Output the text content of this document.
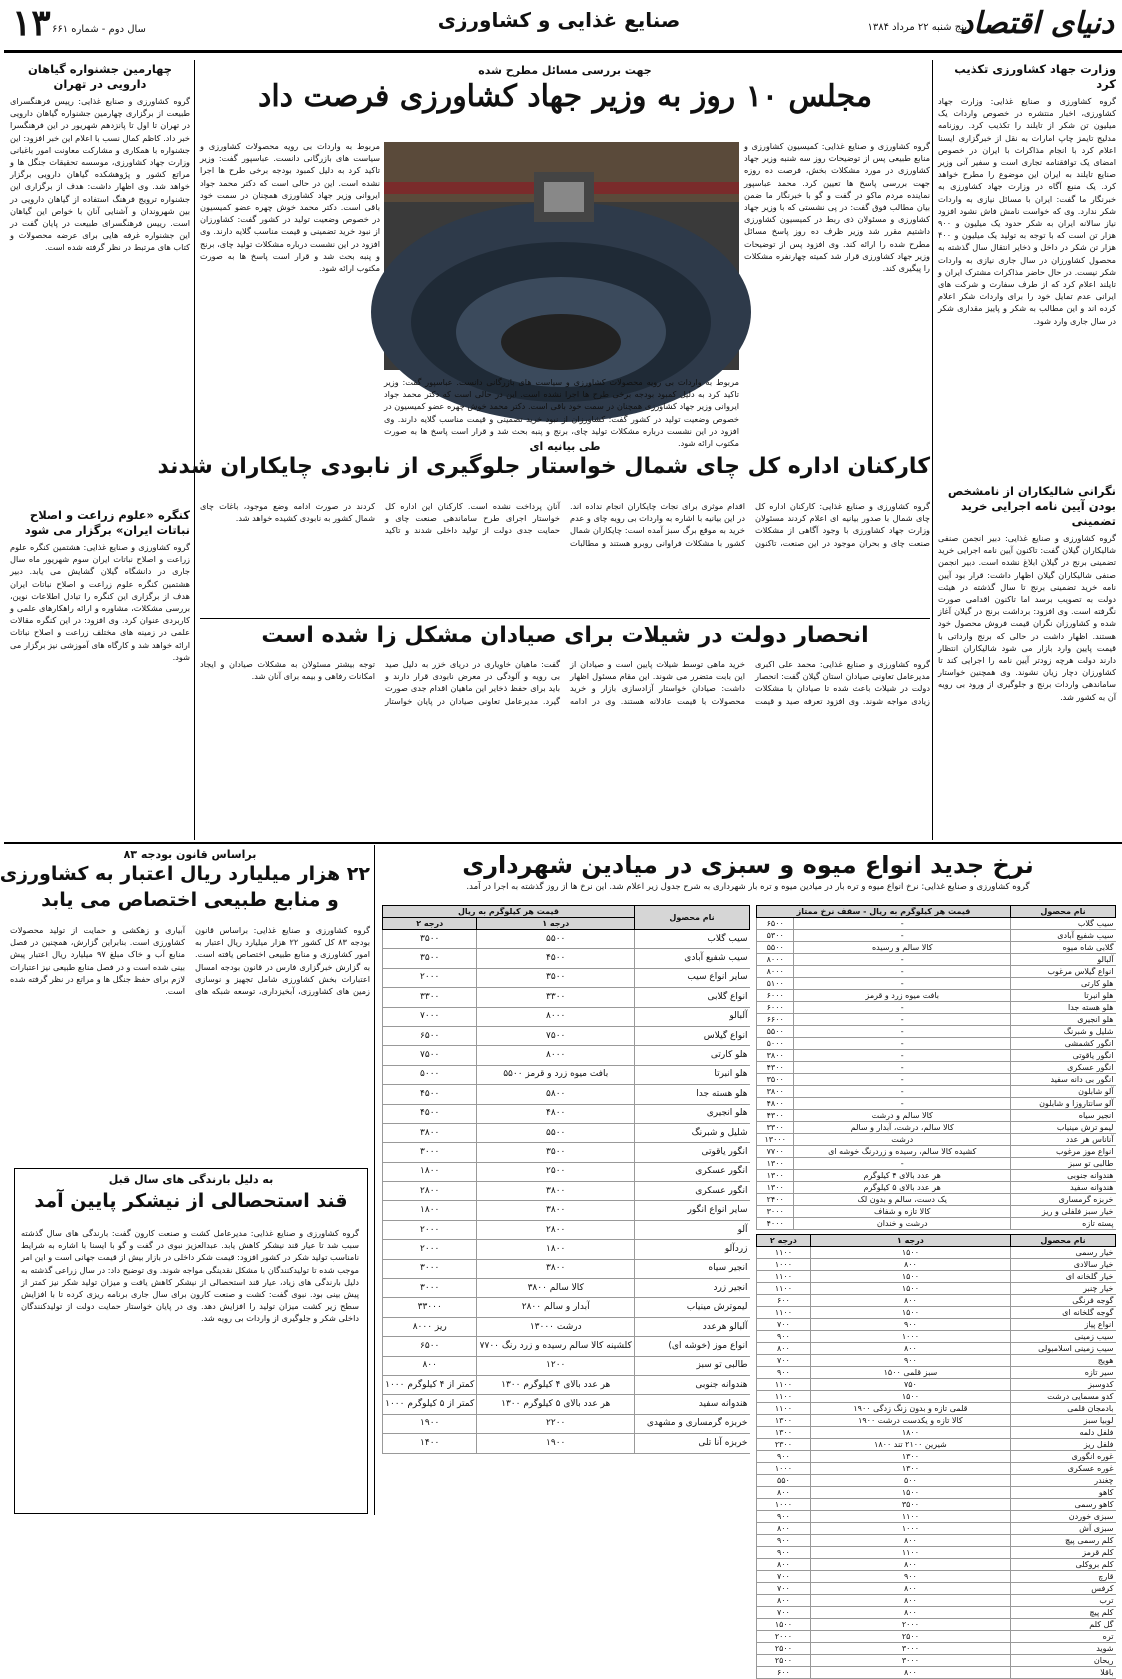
دنیای اقتصاد
پنج شنبه ۲۲ مرداد ۱۳۸۴
صنایع غذایی و کشاورزی
سال دوم - شماره ۶۶۱
۱۳
وزارت جهاد کشاورزی تکذیب کرد

گروه کشاورزی و صنایع غذایی: وزارت جهاد کشاورزی، اخبار منتشره در خصوص واردات یک میلیون تن شکر از تایلند را تکذیب کرد. روزنامه مدلیج تایمز چاپ امارات به نقل از خبرگزاری ایسنا اعلام کرد با انجام مذاکرات با ایران در خصوص امضای یک توافقنامه تجاری است و سفیر آنی وزیر صنایع تایلند به ایران این موضوع را مطرح خواهد کرد. یک منبع آگاه در وزارت جهاد کشاورزی به خبرنگار ما گفت: ایران با مسائل نیازی به واردات شکر ندارد. وی که خواست نامش فاش نشود افزود نیاز سالانه ایران به شکر حدود یک میلیون و ۹۰۰ هزار تن است که با توجه به تولید یک میلیون و ۴۰۰ هزار تن شکر در داخل و ذخایر انتقال سال گذشته به محصول کشاورزان در سال جاری نیازی به واردات شکر نیست. در حال حاضر مذاکرات مشترک ایران و تایلند اعلام کرد که از طرف سفارت و شرکت های ایرانی عدم تمایل خود را برای واردات شکر اعلام کرده اند و این مطالب به شکر و پاییز مقداری شکر در سال جاری وارد شود.

نگرانی شالیکاران از نامشخص بودن آیین نامه اجرایی خرید تضمینی

گروه کشاورزی و صنایع غذایی: دبیر انجمن صنفی شالیکاران گیلان گفت: تاکنون آیین نامه اجرایی خرید تضمینی برنج در گیلان ابلاغ نشده است. دبیر انجمن صنفی شالیکاران گیلان اظهار داشت: قرار بود آیین نامه خرید تضمینی برنج تا سال گذشته در هیئت دولت به تصویب برسد اما تاکنون اقدامی صورت نگرفته است. وی افزود: برداشت برنج در گیلان آغاز شده و کشاورزان نگران قیمت فروش محصول خود هستند. اظهار داشت در حالی که برنج وارداتی با قیمت پایین وارد بازار می شود شالیکاران انتظار دارند دولت هرچه زودتر آیین نامه را اجرایی کند تا کشاورزان دچار زیان نشوند. وی همچنین خواستار ساماندهی واردات برنج و جلوگیری از ورود بی رویه آن به کشور شد.

جهت بررسی مسائل مطرح شده
مجلس ۱۰ روز به وزیر جهاد کشاورزی فرصت داد

گروه کشاورزی و صنایع غذایی: کمیسیون کشاورزی و منابع طبیعی پس از توضیحات روز سه شنبه وزیر جهاد کشاورزی در مورد مشکلات بخش، فرصت ده روزه جهت بررسی پاسخ ها تعیین کرد. محمد عباسپور نماینده مردم ماکو در گفت و گو با خبرنگار ما ضمن بیان مطالب فوق گفت: در پی نشستی که با وزیر جهاد کشاورزی و مسئولان ذی ربط در کمیسیون کشاورزی داشتیم مقرر شد وزیر ظرف ده روز پاسخ مسائل مطرح شده را ارائه کند. وی افزود پس از توضیحات وزیر جهاد کشاورزی قرار شد کمیته چهارنفره مشکلات را پیگیری کند.

مربوط به واردات بی رویه محصولات کشاورزی و سیاست های بازرگانی دانست. عباسپور گفت: وزیر تاکید کرد به دلیل کمبود بودجه برخی طرح ها اجرا نشده است. این در حالی است که دکتر محمد جواد ایروانی وزیر جهاد کشاورزی همچنان در سمت خود باقی است. دکتر محمد خوش چهره عضو کمیسیون در خصوص وضعیت تولید در کشور گفت: کشاورزان از نبود خرید تضمینی و قیمت مناسب گلایه دارند. وی افزود در این نشست درباره مشکلات تولید چای، برنج و پنبه بحث شد و قرار است پاسخ ها به صورت مکتوب ارائه شود.

مربوط به واردات بی رویه محصولات کشاورزی و سیاست های بازرگانی دانست. عباسپور گفت: وزیر تاکید کرد به دلیل کمبود بودجه برخی طرح ها اجرا نشده است. این در حالی است که دکتر محمد جواد ایروانی وزیر جهاد کشاورزی همچنان در سمت خود باقی است. دکتر محمد خوش چهره عضو کمیسیون در خصوص وضعیت تولید در کشور گفت: کشاورزان از نبود خرید تضمینی و قیمت مناسب گلایه دارند. وی افزود در این نشست درباره مشکلات تولید چای، برنج و پنبه بحث شد و قرار است پاسخ ها به صورت مکتوب ارائه شود.

چهارمین جشنواره گیاهان دارویی در تهران

گروه کشاورزی و صنایع غذایی: رییس فرهنگسرای طبیعت از برگزاری چهارمین جشنواره گیاهان دارویی در تهران تا اول تا پانزدهم شهریور در این فرهنگسرا خبر داد. کاظم کمال نسب با اعلام این خبر افزود: این جشنواره با همکاری و مشارکت معاونت امور باغبانی وزارت جهاد کشاورزی، موسسه تحقیقات جنگل ها و مراتع کشور و پژوهشکده گیاهان دارویی برگزار خواهد شد. وی اظهار داشت: هدف از برگزاری این جشنواره ترویج فرهنگ استفاده از گیاهان دارویی در بین شهروندان و آشنایی آنان با خواص این گیاهان است. رییس فرهنگسرای طبیعت در پایان گفت در این جشنواره غرفه هایی برای عرضه محصولات و کتاب های مرتبط در نظر گرفته شده است.

کنگره «علوم زراعت و اصلاح نباتات ایران» برگزار می شود

گروه کشاورزی و صنایع غذایی: هشتمین کنگره علوم زراعت و اصلاح نباتات ایران سوم شهریور ماه سال جاری در دانشگاه گیلان گشایش می یابد. دبیر هشتمین کنگره علوم زراعت و اصلاح نباتات ایران هدف از برگزاری این کنگره را تبادل اطلاعات نوین، بررسی مشکلات، مشاوره و ارائه راهکارهای علمی و کاربردی عنوان کرد. وی افزود: در این کنگره مقالات علمی در زمینه های مختلف زراعت و اصلاح نباتات ارائه خواهد شد و کارگاه های آموزشی نیز برگزار می شود.

طی بیانیه ای
کارکنان اداره کل چای شمال خواستار جلوگیری از نابودی چایکاران شدند

گروه کشاورزی و صنایع غذایی: کارکنان اداره کل چای شمال با صدور بیانیه ای اعلام کردند مسئولان وزارت جهاد کشاورزی با وجود آگاهی از مشکلات صنعت چای و بحران موجود در این صنعت، تاکنون اقدام موثری برای نجات چایکاران انجام نداده اند. در این بیانیه با اشاره به واردات بی رویه چای و عدم خرید به موقع برگ سبز آمده است: چایکاران شمال کشور با مشکلات فراوانی روبرو هستند و مطالبات آنان پرداخت نشده است. کارکنان این اداره کل خواستار اجرای طرح ساماندهی صنعت چای و حمایت جدی دولت از تولید داخلی شدند و تاکید کردند در صورت ادامه وضع موجود، باغات چای شمال کشور به نابودی کشیده خواهد شد.

انحصار دولت در شیلات برای صیادان مشکل زا شده است

گروه کشاورزی و صنایع غذایی: محمد علی اکبری مدیرعامل تعاونی صیادان استان گیلان گفت: انحصار دولت در شیلات باعث شده تا صیادان با مشکلات زیادی مواجه شوند. وی افزود تعرفه صید و قیمت خرید ماهی توسط شیلات پایین است و صیادان از این بابت متضرر می شوند. این مقام مسئول اظهار داشت: صیادان خواستار آزادسازی بازار و خرید محصولات با قیمت عادلانه هستند. وی در ادامه گفت: ماهیان خاویاری در دریای خزر به دلیل صید بی رویه و آلودگی در معرض نابودی قرار دارند و باید برای حفظ ذخایر این ماهیان اقدام جدی صورت گیرد. مدیرعامل تعاونی صیادان در پایان خواستار توجه بیشتر مسئولان به مشکلات صیادان و ایجاد امکانات رفاهی و بیمه برای آنان شد.

براساس قانون بودجه ۸۳
۲۲ هزار میلیارد ریال اعتبار به کشاورزی
و منابع طبیعی اختصاص می یابد

گروه کشاورزی و صنایع غذایی: براساس قانون بودجه ۸۳ کل کشور ۲۲ هزار میلیارد ریال اعتبار به امور کشاورزی و منابع طبیعی اختصاص یافته است. به گزارش خبرگزاری فارس در قانون بودجه امسال اعتبارات بخش کشاورزی شامل تجهیز و نوسازی زمین های کشاورزی، آبخیزداری، توسعه شبکه های آبیاری و زهکشی و حمایت از تولید محصولات کشاورزی است. بنابراین گزارش، همچنین در فصل منابع آب و خاک مبلغ ۹۷ میلیارد ریال اعتبار پیش بینی شده است و در فصل منابع طبیعی نیز اعتبارات لازم برای حفظ جنگل ها و مراتع در نظر گرفته شده است.

به دلیل بارندگی های سال قبل
قند استحصالی از نیشکر پایین آمد

گروه کشاورزی و صنایع غذایی: مدیرعامل کشت و صنعت کارون گفت: بارندگی های سال گذشته سبب شد تا عیار قند نیشکر کاهش یابد. عبدالعزیز نبوی در گفت و گو با ایسنا با اشاره به شرایط نامناسب تولید شکر در کشور افزود: قیمت شکر داخلی در بازار بیش از قیمت جهانی است و این امر موجب شده تا تولیدکنندگان با مشکل نقدینگی مواجه شوند. وی توضیح داد: در سال زراعی گذشته به دلیل بارندگی های زیاد، عیار قند استحصالی از نیشکر کاهش یافت و میزان تولید شکر نیز کمتر از پیش بینی بود. نبوی گفت: کشت و صنعت کارون برای سال جاری برنامه ریزی کرده تا با افزایش سطح زیر کشت میزان تولید را افزایش دهد. وی در پایان خواستار حمایت دولت از تولیدکنندگان داخلی شکر و جلوگیری از واردات بی رویه شد.

نرخ جدید انواع میوه و سبزی در میادین شهرداری
گروه کشاورزی و صنایع غذایی: نرخ انواع میوه و تره بار در میادین میوه و تره بار شهرداری به شرح جدول زیر اعلام شد. این نرخ ها از روز گذشته به اجرا در آمد.
نام محصول	قیمت هر کیلوگرم به ریال - سقف نرخ ممتاز	
سیب گلاب	-	۶۵۰۰
سیب شفیع آبادی	-	۵۳۰۰
گلابی شاه میوه	کالا سالم و رسیده	۵۵۰۰
آلبالو	-	۸۰۰۰
انواع گیلاس مرغوب	-	۸۰۰۰
هلو کارتی	-	۵۱۰۰
هلو انبرتا	بافت میوه زرد و قرمز	۶۰۰۰
هلو هسته جدا	-	۶۰۰۰
هلو انجیری	-	۶۶۰۰
شلیل و شبرنگ	-	۵۵۰۰
انگور کشمشی	-	۵۰۰۰
انگور یاقوتی	-	۳۸۰۰
انگور عسکری	-	۴۳۰۰
انگور بی دانه سفید	-	۳۵۰۰
آلو شابلون	-	۳۸۰۰
آلو سانتاروزا و شابلون	-	۴۸۰۰
انجیر سیاه	کالا سالم و درشت	۴۳۰۰
لیمو ترش مینیاب	کالا سالم، درشت، آبدار و سالم	۳۳۰۰
آناناس هر عدد	درشت	۱۳۰۰۰
انواع موز مرغوب	کشیده کالا سالم، رسیده و زردرنگ خوشه ای	۷۷۰۰
طالبی تو سبز	-	۱۳۰۰
هندوانه جنوبی	هر عدد بالای ۴ کیلوگرم	۱۳۰۰
هندوانه سفید	هر عدد بالای ۵ کیلوگرم	۱۳۰۰
خربزه گرمساری	یک دست، سالم و بدون لک	۲۴۰۰
خیار سبز فلفلی و ریز	کالا تازه و شفاف	۳۰۰۰
پسته تازه	درشت و خندان	۴۰۰۰
نام محصول	درجه ۱	درجه ۲
خیار رسمی	۱۵۰۰	۱۱۰۰
خیار سالادی	۸۰۰	۱۰۰۰
خیار گلخانه ای	۱۵۰۰	۱۱۰۰
خیار چنبر	۱۵۰۰	۱۱۰۰
گوجه فرنگی	۸۰۰	۶۰۰
گوجه گلخانه ای	۱۵۰۰	۱۱۰۰
انواع پیاز	۹۰۰	۷۰۰
سیب زمینی	۱۰۰۰	۹۰۰
سیب زمینی اسلامبولی	۸۰۰	۸۰۰
هویج	۹۰۰	۷۰۰
سیر تازه	سبز قلمی ۱۵۰۰	۹۰۰
کدوسبز	۷۵۰	۱۱۰۰
کدو مسمایی درشت	۱۵۰۰	۱۱۰۰
بادمجان قلمی	قلمی تازه و بدون زنگ زدگی ۱۹۰۰	۱۱۰۰
لوبیا سبز	کالا تازه و یکدست درشت ۱۹۰۰	۱۳۰۰
فلفل دلمه	۱۸۰۰	۱۳۰۰
فلفل ریز	شیرین ۲۱۰۰ تند ۱۸۰۰	۲۳۰۰
غوره انگوری	۱۳۰۰	۹۰۰
غوره عسکری	۱۳۰۰	۱۰۰۰
چغندر	۵۰۰	۵۵۰
کاهو	۱۵۰۰	۸۰۰
کاهو رسمی	۳۵۰۰	۱۰۰۰
سبزی خوردن	۱۱۰۰	۹۰۰
سبزی آش	۱۰۰۰	۸۰۰
کلم رسمی پیچ	۸۰۰	۹۰۰
کلم قرمز	۱۱۰۰	۹۰۰
کلم بروکلی	۸۰۰	۸۰۰
قارچ	۹۰۰	۷۰۰
کرفس	۸۰۰	۷۰۰
ترب	۸۰۰	۸۰۰
کلم پیچ	۸۰۰	۷۰۰
گل کلم	۲۰۰۰	۱۵۰۰
تره	۲۵۰۰	۲۰۰۰
شوید	۳۰۰۰	۲۵۰۰
ریحان	۳۰۰۰	۲۵۰۰
باقلا	۸۰۰	۶۰۰
نام محصول	قیمت هر کیلوگرم به ریال	
	درجه ۱	درجه ۲
سیب گلاب	۵۵۰۰	۳۵۰۰
سیب شفیع آبادی	۴۵۰۰	۳۵۰۰
سایر انواع سیب	۳۵۰۰	۲۰۰۰
انواع گلابی	۳۳۰۰	۳۳۰۰
آلبالو	۸۰۰۰	۷۰۰۰
انواع گیلاس	۷۵۰۰	۶۵۰۰
هلو کارتی	۸۰۰۰	۷۵۰۰
هلو انبرتا	بافت میوه زرد و قرمز ۵۵۰۰	۵۰۰۰
هلو هسته جدا	۵۸۰۰	۴۵۰۰
هلو انجیری	۴۸۰۰	۴۵۰۰
شلیل و شبرنگ	۵۵۰۰	۳۸۰۰
انگور یاقوتی	۳۵۰۰	۳۰۰۰
انگور عسکری	۲۵۰۰	۱۸۰۰
انگور عسکری	۳۸۰۰	۲۸۰۰
سایر انواع انگور	۳۸۰۰	۱۸۰۰
آلو	۲۸۰۰	۲۰۰۰
زردآلو	۱۸۰۰	۲۰۰۰
انجیر سیاه	۳۸۰۰	۳۰۰۰
انجیر زرد	کالا سالم ۳۸۰۰	۳۰۰۰
لیموترش مینیاب	آبدار و سالم ۲۸۰۰	۳۳۰۰۰
آلبالو هرعدد	درشت ۱۳۰۰۰	ریز ۸۰۰۰
انواع موز (خوشه ای)	کلشینه کالا سالم رسیده و زرد رنگ ۷۷۰۰	۶۵۰۰
طالبی تو سبز	۱۲۰۰	۸۰۰
هندوانه جنوبی	هر عدد بالای ۴ کیلوگرم ۱۳۰۰	کمتر از ۴ کیلوگرم ۱۰۰۰
هندوانه سفید	هر عدد بالای ۵ کیلوگرم ۱۳۰۰	کمتر از ۵ کیلوگرم ۱۰۰۰
خربزه گرمساری و مشهدی	۲۲۰۰	۱۹۰۰
خربزه آنا تلی	۱۹۰۰	۱۴۰۰
